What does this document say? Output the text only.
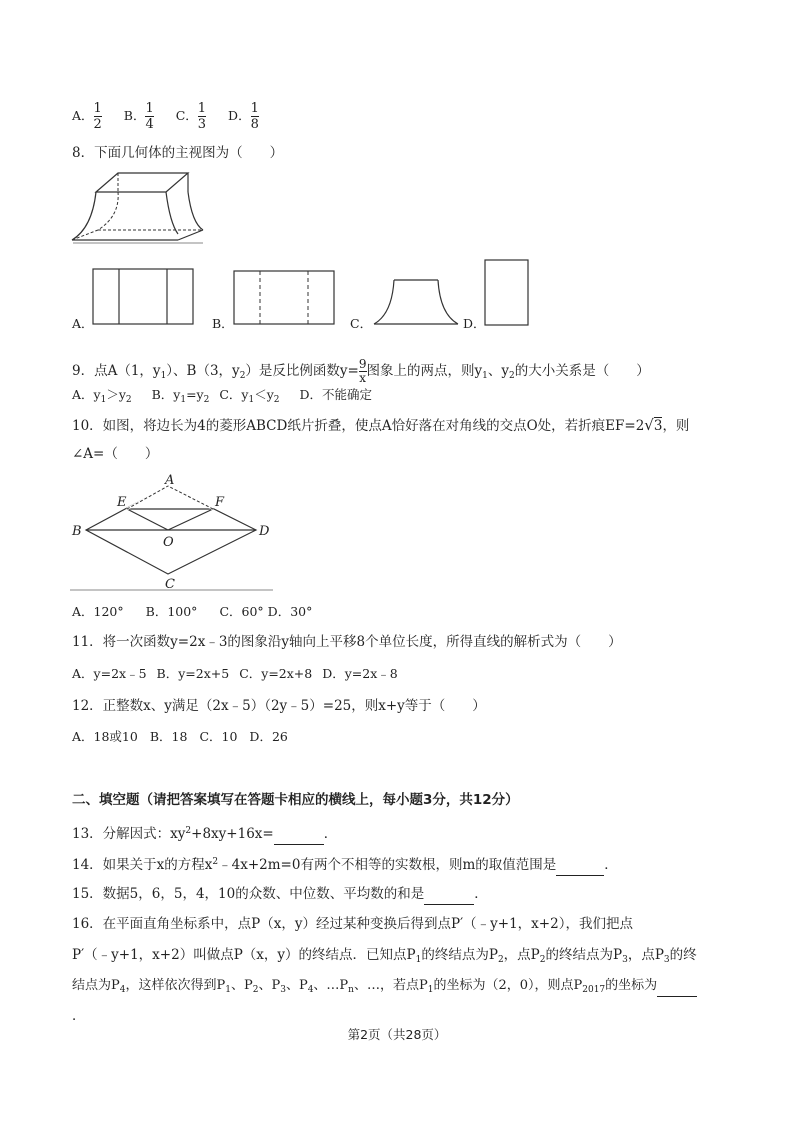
A． $\frac{1}{2}$ B． $\frac{1}{4}$ C． $\frac{1}{3}$ D． $\frac{1}{8}$
8．下面几何体的主视图为（　　）
A．	B．	C．	D．
9．点A（1，$y_1$）、B（3，$y_2$）是反比例函数$y= \frac{9}{x}$ 图象上的两点，则$y_1$、$y_2$的大小关系是（　　）
A．$y_1>y_2$ B．$y_1=y_2$ C．$y_1<y_2$ D．不能确定
10．如图，将边长为4的菱形ABCD纸片折叠，使点A恰好落在对角线的交点O处，若折痕EF=2√3，则
∠A=（　　）
A
B
C
D
E	F
O
A．120° B．100° C．60° D．30°
11．将一次函数y=2x﹣3的图象沿y轴向上平移8个单位长度，所得直线的解析式为（　　）
A．y=2x﹣5 B．y=2x+5 C．y=2x+8 D．y=2x﹣8
12．正整数x、y满足（2x﹣5）（2y﹣5）=25，则x+y等于（　　）
A．18或10 B．18 C．10 D．26
二、填空题（请把答案填写在答题卡相应的横线上，每小题3分，共12分）
13．分解因式：$xy^2+8xy+16x=$	．
14．如果关于x的方程$x^2﹣4x+2m=0$有两个不相等的实数根，则m的取值范围是	．
15．数据5，6，5，4，10的众数、中位数、平均数的和是	．
16．在平面直角坐标系中，点P（x，y）经过某种变换后得到点P′（﹣y+1，x+2），我们把点
P′（﹣y+1，x+2）叫做点P（x，y）的终结点．已知点$P_1$的终结点为$P_2$，点$P_2$的终结点为$P_3$，点$P_3$的终
结点为$P_4$，这样依次得到$P_1$、$P_2$、$P_3$、$P_4$、$\dots P_n$、…，若点$P_1$的坐标为（2，0），则点$P_{2017}$的坐标为
．
第2页（共28页）
